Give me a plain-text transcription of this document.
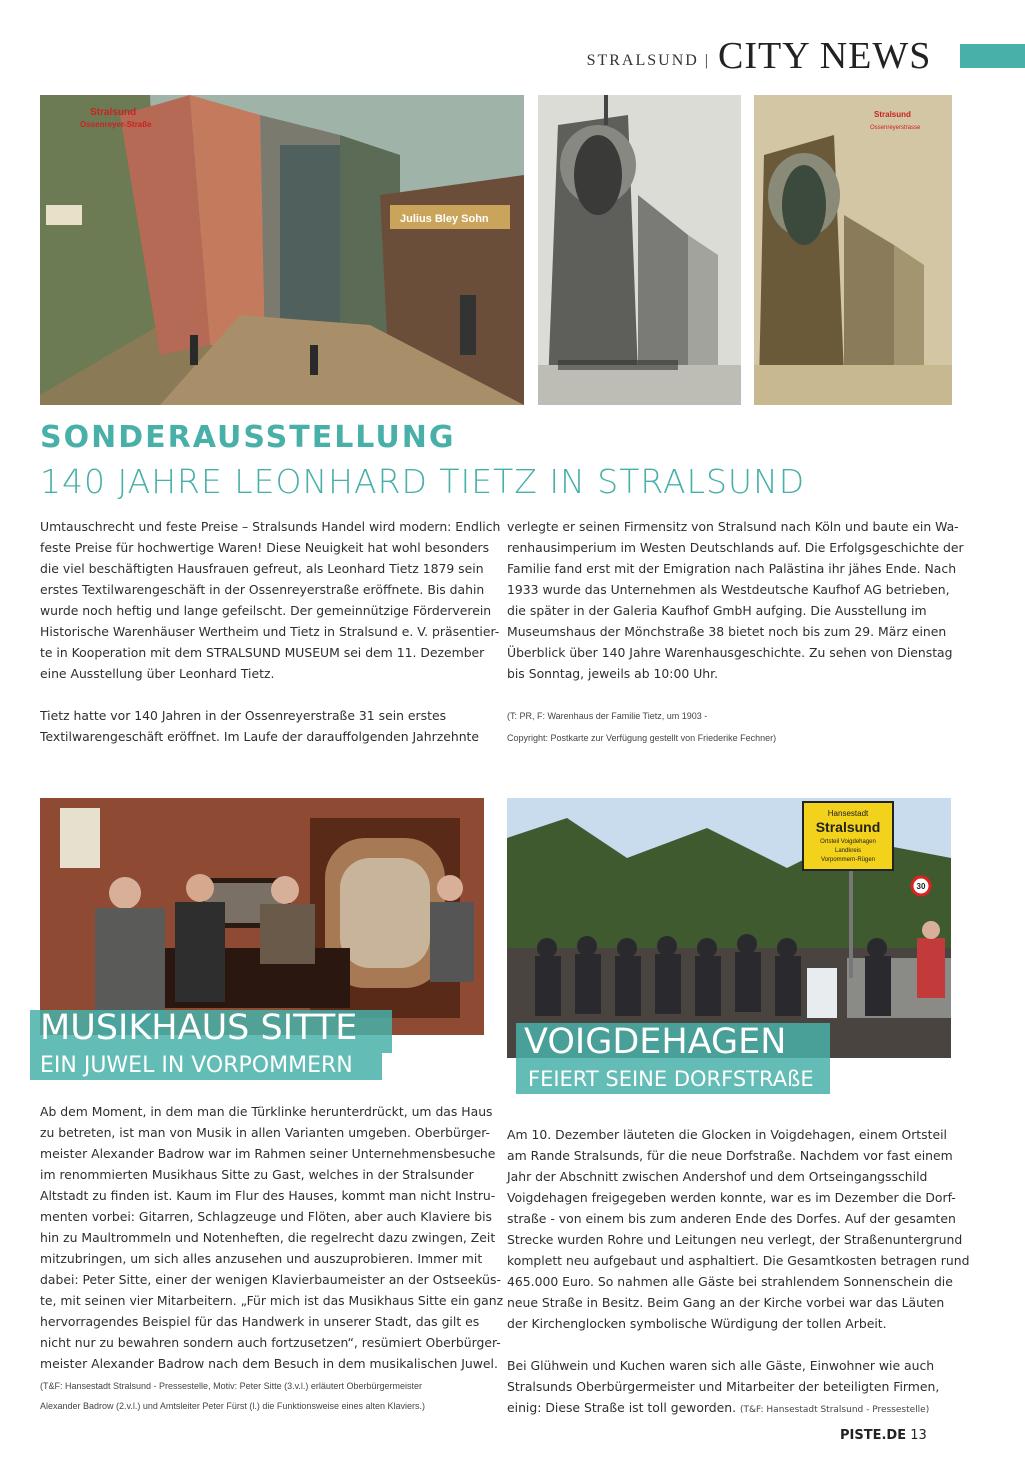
STRALSUND | CITY NEWS
Stralsund
Ossenreyer-Straße
Julius Bley Sohn
Stralsund
Ossenreyerstrasse
SONDERAUSSTELLUNG
140 JAHRE LEONHARD TIETZ IN STRALSUND

Umtauschrecht und feste Preise – Stralsunds Handel wird modern: Endlich

feste Preise für hochwertige Waren! Diese Neuigkeit hat wohl besonders

die viel beschäftigten Hausfrauen gefreut, als Leonhard Tietz 1879 sein

erstes Textilwarengeschäft in der Ossenreyerstraße eröffnete. Bis dahin

wurde noch heftig und lange gefeilscht. Der gemeinnützige Förderverein

Historische Warenhäuser Wertheim und Tietz in Stralsund e. V. präsentier-

te in Kooperation mit dem STRALSUND MUSEUM sei dem 11. Dezember

eine Ausstellung über Leonhard Tietz.

Tietz hatte vor 140 Jahren in der Ossenreyerstraße 31 sein erstes

Textilwarengeschäft eröffnet. Im Laufe der darauffolgenden Jahrzehnte

verlegte er seinen Firmensitz von Stralsund nach Köln und baute ein Wa-

renhausimperium im Westen Deutschlands auf. Die Erfolgsgeschichte der

Familie fand erst mit der Emigration nach Palästina ihr jähes Ende. Nach

1933 wurde das Unternehmen als Westdeutsche Kaufhof AG betrieben,

die später in der Galeria Kaufhof GmbH aufging. Die Ausstellung im

Museumshaus der Mönchstraße 38 bietet noch bis zum 29. März einen

Überblick über 140 Jahre Warenhausgeschichte. Zu sehen von Dienstag

bis Sonntag, jeweils ab 10:00 Uhr.

(T: PR, F: Warenhaus der Familie Tietz, um 1903 -
Copyright: Postkarte zur Verfügung gestellt von Friederike Fechner)
MUSIKHAUS SITTE
EIN JUWEL IN VORPOMMERN

Ab dem Moment, in dem man die Türklinke herunterdrückt, um das Haus

zu betreten, ist man von Musik in allen Varianten umgeben. Oberbürger-

meister Alexander Badrow war im Rahmen seiner Unternehmensbesuche

im renommierten Musikhaus Sitte zu Gast, welches in der Stralsunder

Altstadt zu finden ist. Kaum im Flur des Hauses, kommt man nicht Instru-

menten vorbei: Gitarren, Schlagzeuge und Flöten, aber auch Klaviere bis

hin zu Maultrommeln und Notenheften, die regelrecht dazu zwingen, Zeit

mitzubringen, um sich alles anzusehen und auszuprobieren. Immer mit

dabei: Peter Sitte, einer der wenigen Klavierbaumeister an der Ostseeküs-

te, mit seinen vier Mitarbeitern. „Für mich ist das Musikhaus Sitte ein ganz

hervorragendes Beispiel für das Handwerk in unserer Stadt, das gilt es

nicht nur zu bewahren sondern auch fortzusetzen“, resümiert Oberbürger-

meister Alexander Badrow nach dem Besuch in dem musikalischen Juwel.

(T&F: Hansestadt Stralsund - Pressestelle, Motiv: Peter Sitte (3.v.l.) erläutert Oberbürgermeister
Alexander Badrow (2.v.l.) und Amtsleiter Peter Fürst (l.) die Funktionsweise eines alten Klaviers.)
Hansestadt
Stralsund
Ortsteil Voigdehagen
Landkreis
Vorpommern-Rügen
30
VOIGDEHAGEN
FEIERT SEINE DORFSTRAßE

Am 10. Dezember läuteten die Glocken in Voigdehagen, einem Ortsteil

am Rande Stralsunds, für die neue Dorfstraße. Nachdem vor fast einem

Jahr der Abschnitt zwischen Andershof und dem Ortseingangsschild

Voigdehagen freigegeben werden konnte, war es im Dezember die Dorf-

straße - von einem bis zum anderen Ende des Dorfes. Auf der gesamten

Strecke wurden Rohre und Leitungen neu verlegt, der Straßenuntergrund

komplett neu aufgebaut und asphaltiert. Die Gesamtkosten betragen rund

465.000 Euro. So nahmen alle Gäste bei strahlendem Sonnenschein die

neue Straße in Besitz. Beim Gang an der Kirche vorbei war das Läuten

der Kirchenglocken symbolische Würdigung der tollen Arbeit.

Bei Glühwein und Kuchen waren sich alle Gäste, Einwohner wie auch

Stralsunds Oberbürgermeister und Mitarbeiter der beteiligten Firmen,

einig: Diese Straße ist toll geworden. (T&F: Hansestadt Stralsund - Pressestelle)

PISTE.DE 13
